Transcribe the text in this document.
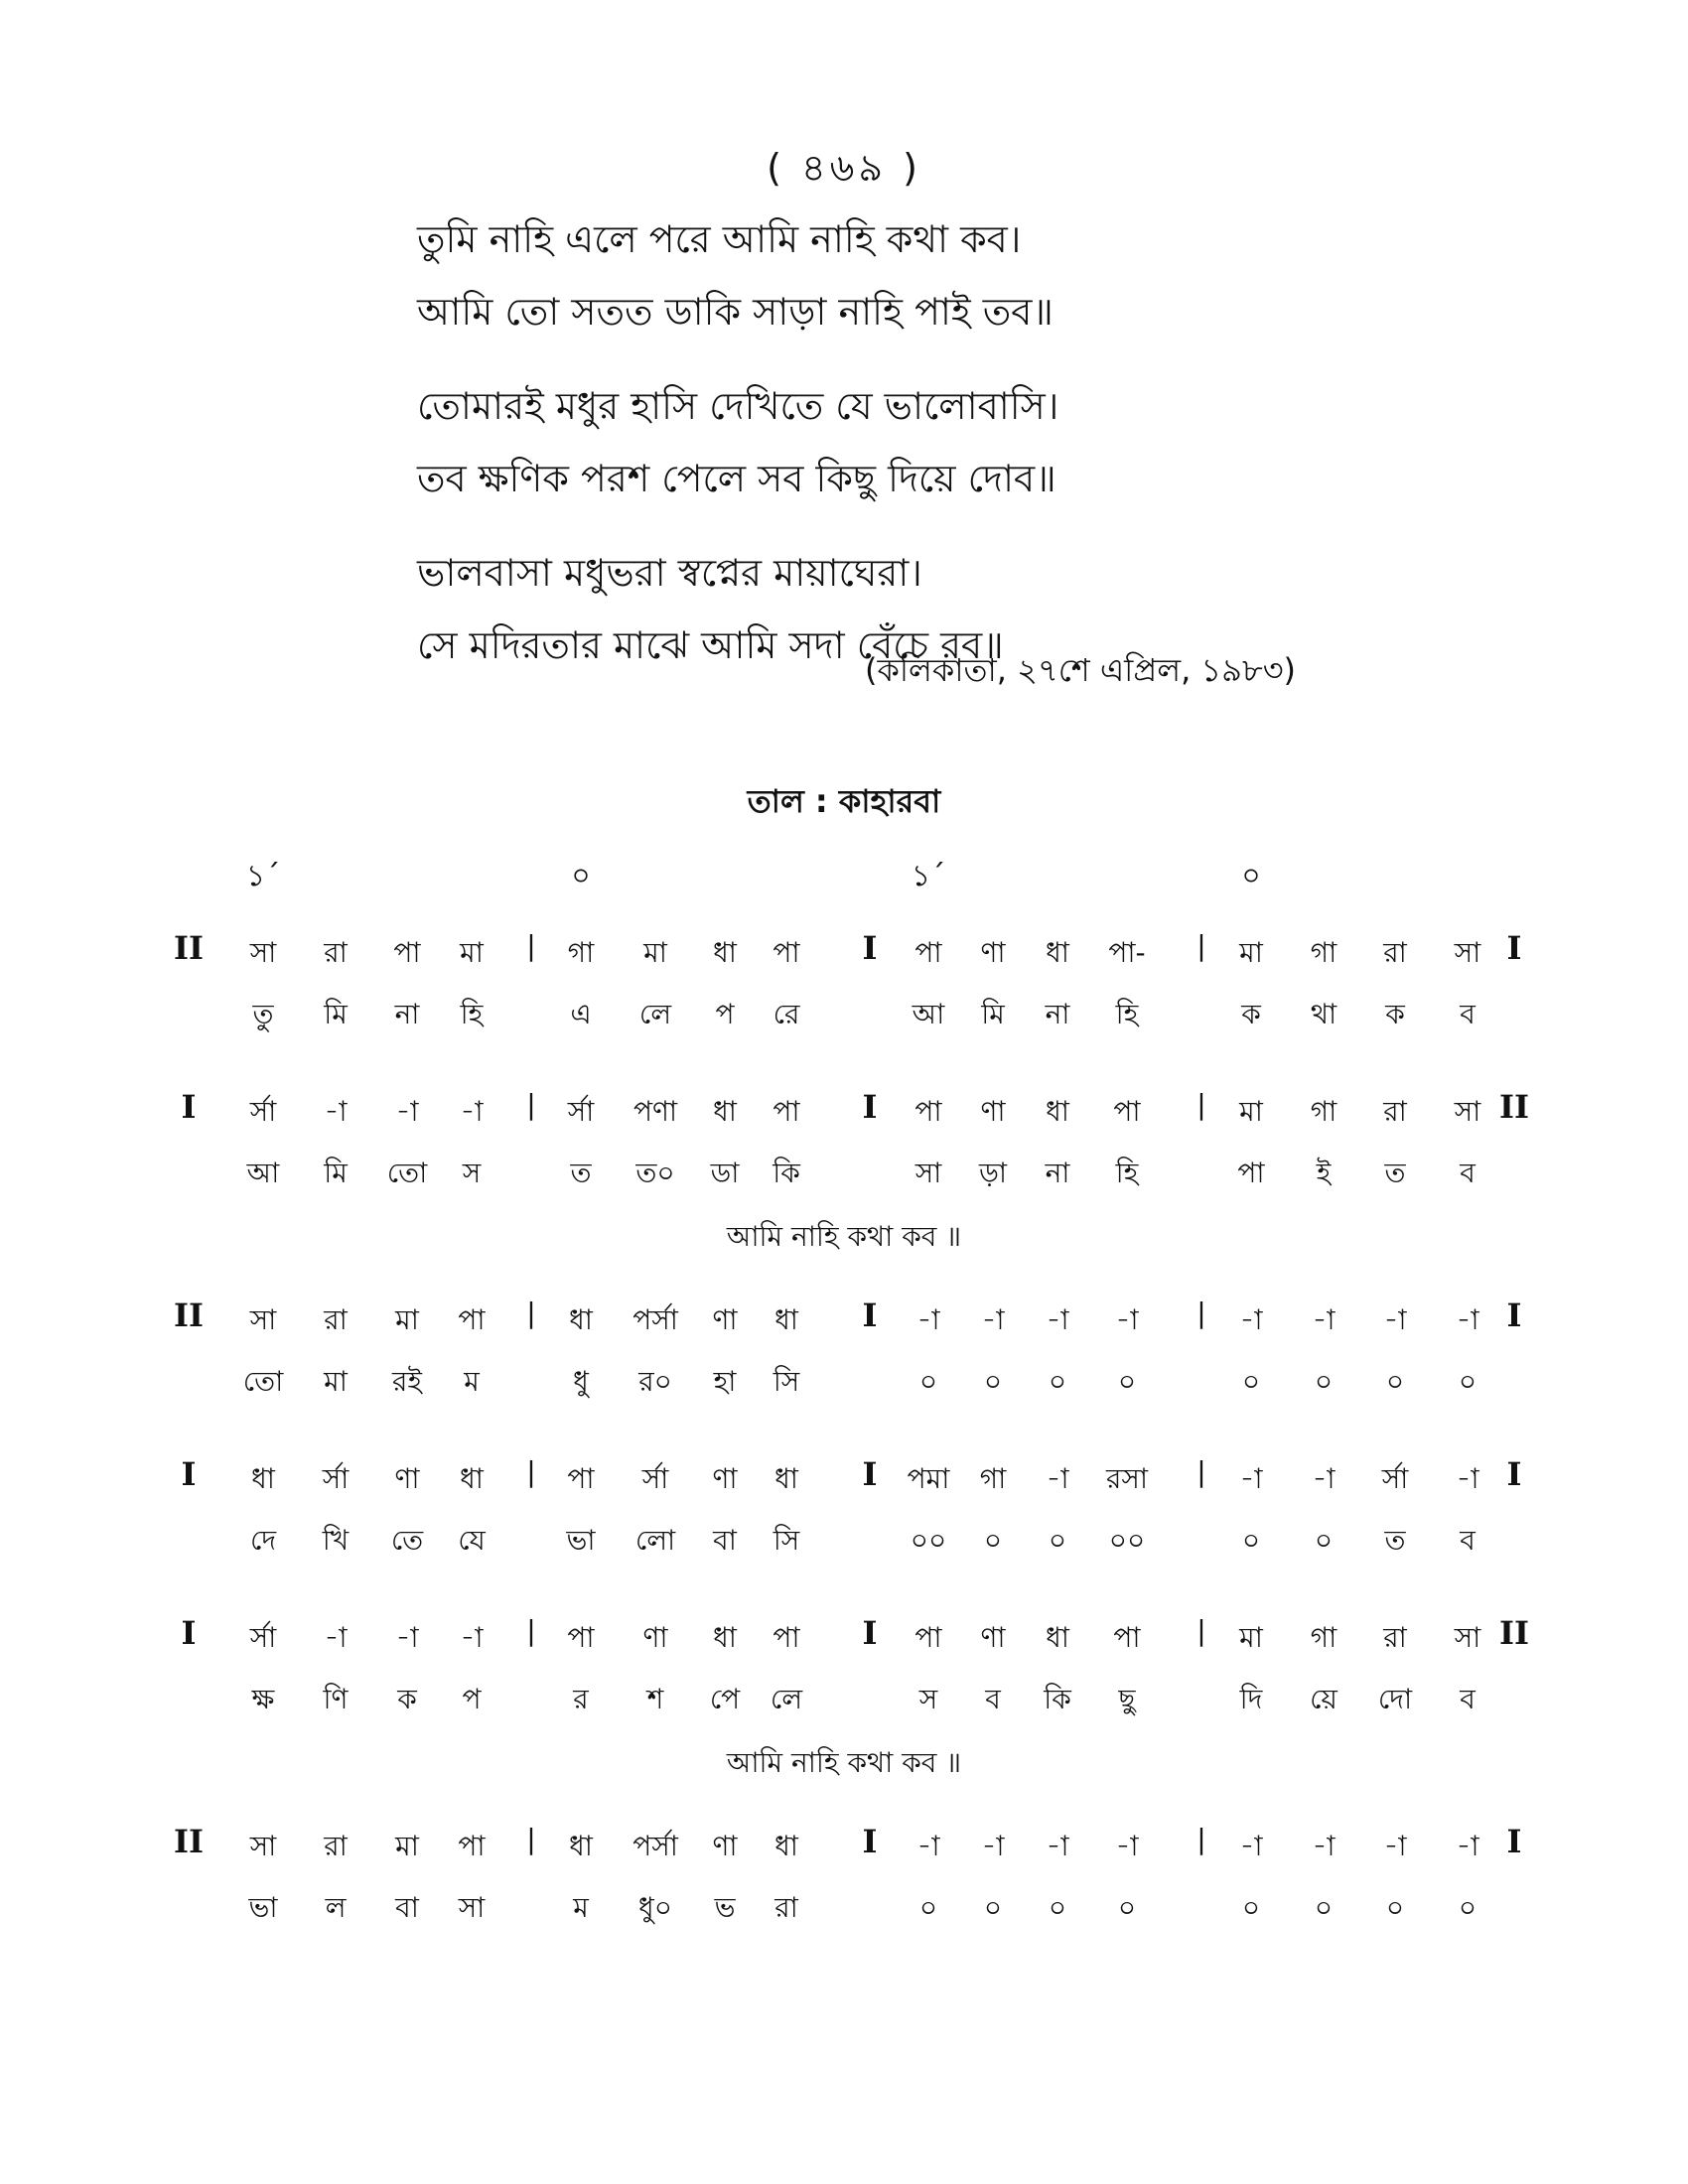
( ৪৬৯ )
তুমি নাহি এলে পরে আমি নাহি কথা কব।
আমি তো সতত ডাকি সাড়া নাহি পাই তব॥
তোমারই মধুর হাসি দেখিতে যে ভালোবাসি।
তব ক্ষণিক পরশ পেলে সব কিছু দিয়ে দোব॥
ভালবাসা মধুভরা স্বপ্নের মায়াঘেরা।
সে মদিরতার মাঝে আমি সদা বেঁচে রব॥
(কলিকাতা, ২৭শে এপ্রিল, ১৯৮৩)
তাল : কাহারবা
১´	০	১´	০
II সা রা পা মা	গা মা ধা পা	পা ণা ধা পা-	মা গা রা সা
|	I	|	I
তু মি না হি	এ লে প রে	আ মি না হি	ক থা ক ব
I র্সা -া -া -া	র্সা পণা ধা পা	পা ণা ধা পা	মা গা রা সা
|	I	|	II
আ মি তো স	ত ত০ ডা কি	সা ড়া না হি	পা ই ত ব
আমি নাহি কথা কব ॥
II সা রা মা পা	ধা পর্সা ণা ধা	-া -া -া -া	-া -া -া -া
|	I	|	I
তো মা রই ম	ধু র০ হা সি	০ ০ ০ ০	০ ০ ০ ০
I ধা র্সা ণা ধা	পা র্সা ণা ধা	পমা গা -া রসা	-া -া র্সা -া
|	I	|	I
দে খি তে যে	ভা লো বা সি	০০ ০ ০ ০০	০ ০ ত ব
I র্সা -া -া -া	পা ণা ধা পা	পা ণা ধা পা	মা গা রা সা
|	I	|	II
ক্ষ ণি ক প	র শ পে লে	স ব কি ছু	দি য়ে দো ব
আমি নাহি কথা কব ॥
II সা রা মা পা	ধা পর্সা ণা ধা	-া -া -া -া	-া -া -া -া
|	I	|	I
ভা ল বা সা	ম ধু০ ভ রা	০ ০ ০ ০	০ ০ ০ ০
